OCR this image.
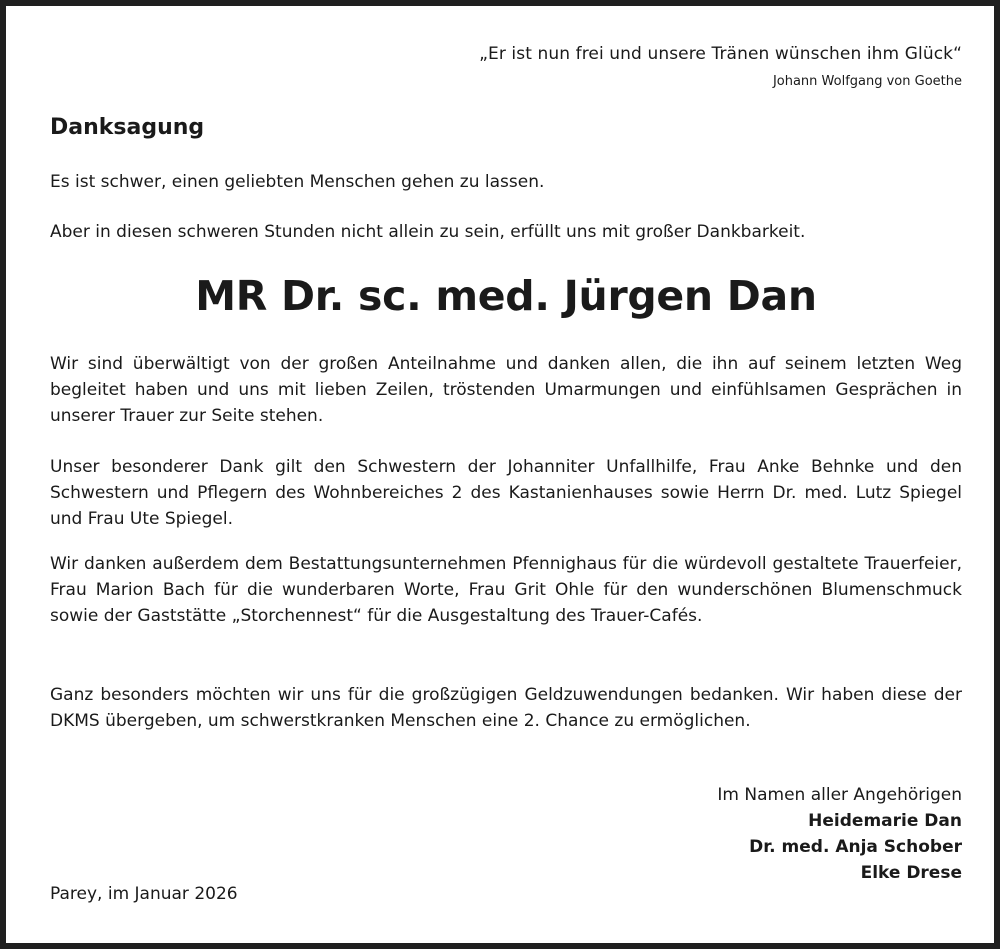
„Er ist nun frei und unsere Tränen wünschen ihm Glück“
Johann Wolfgang von Goethe
Danksagung
Es ist schwer, einen geliebten Menschen gehen zu lassen.
Aber in diesen schweren Stunden nicht allein zu sein, erfüllt uns mit großer Dankbarkeit.
MR Dr. sc. med. Jürgen Dan
Wir sind überwältigt von der großen Anteilnahme und danken allen, die ihn auf seinem letzten Weg begleitet haben und uns mit lieben Zeilen, tröstenden Umarmungen und einfühlsamen Gesprächen in unserer Trauer zur Seite stehen.
Unser besonderer Dank gilt den Schwestern der Johanniter Unfallhilfe, Frau Anke Behnke und den Schwestern und Pflegern des Wohnbereiches 2 des Kastanienhauses sowie Herrn Dr. med. Lutz Spiegel und Frau Ute Spiegel.
Wir danken außerdem dem Bestattungsunternehmen Pfennighaus für die würdevoll gestaltete Trauerfeier, Frau Marion Bach für die wunderbaren Worte, Frau Grit Ohle für den wunderschönen Blumenschmuck sowie der Gaststätte „Storchennest“ für die Ausgestaltung des Trauer-Cafés.
Ganz besonders möchten wir uns für die großzügigen Geldzuwendungen bedanken. Wir haben diese der DKMS übergeben, um schwerstkranken Menschen eine 2. Chance zu ermöglichen.
Im Namen aller Angehörigen
Heidemarie Dan
Dr. med. Anja Schober
Elke Drese
Parey, im Januar 2026
